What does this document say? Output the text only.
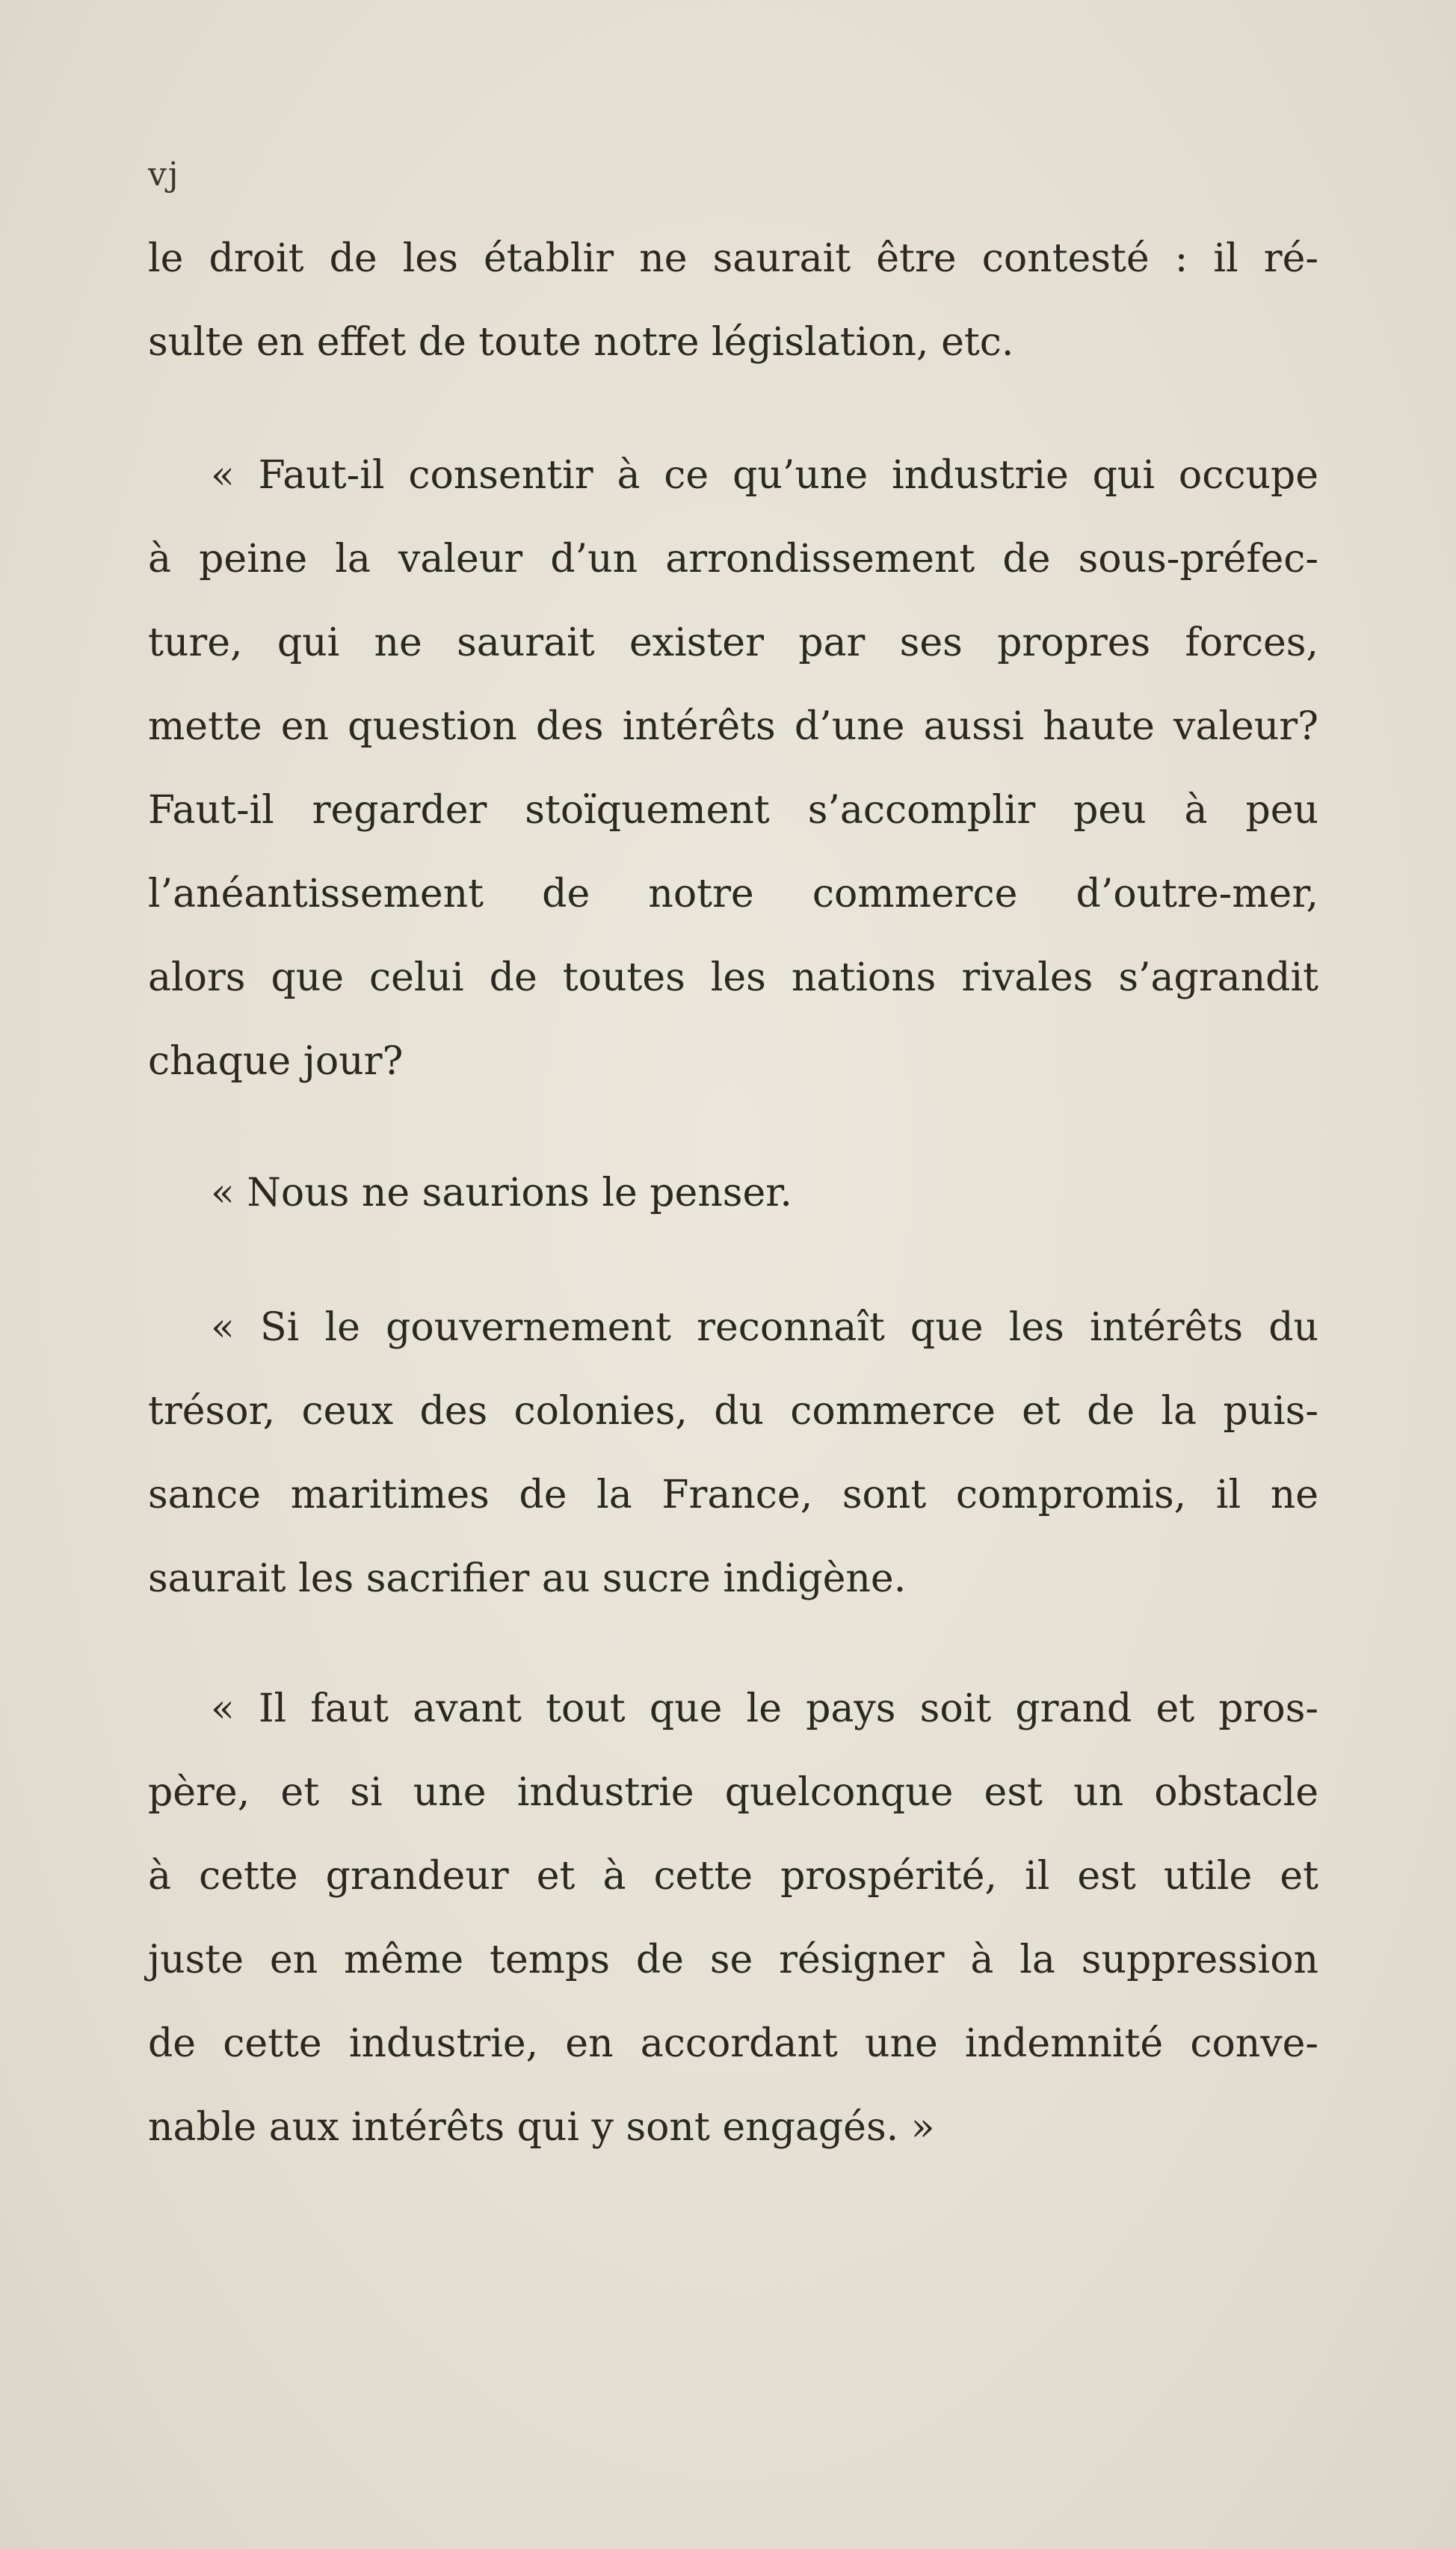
vj
le droit de les établir ne saurait être contesté : il ré-
sulte en effet de toute notre législation, etc.
« Faut-il consentir à ce qu’une industrie qui occupe
à peine la valeur d’un arrondissement de sous-préfec-
ture, qui ne saurait exister par ses propres forces,
mette en question des intérêts d’une aussi haute valeur?
Faut-il regarder stoïquement s’accomplir peu à peu
l’anéantissement de notre commerce d’outre-mer,
alors que celui de toutes les nations rivales s’agrandit
chaque jour?
« Nous ne saurions le penser.
« Si le gouvernement reconnaît que les intérêts du
trésor, ceux des colonies, du commerce et de la puis-
sance maritimes de la France, sont compromis, il ne
saurait les sacrifier au sucre indigène.
« Il faut avant tout que le pays soit grand et pros-
père, et si une industrie quelconque est un obstacle
à cette grandeur et à cette prospérité, il est utile et
juste en même temps de se résigner à la suppression
de cette industrie, en accordant une indemnité conve-
nable aux intérêts qui y sont engagés. »
